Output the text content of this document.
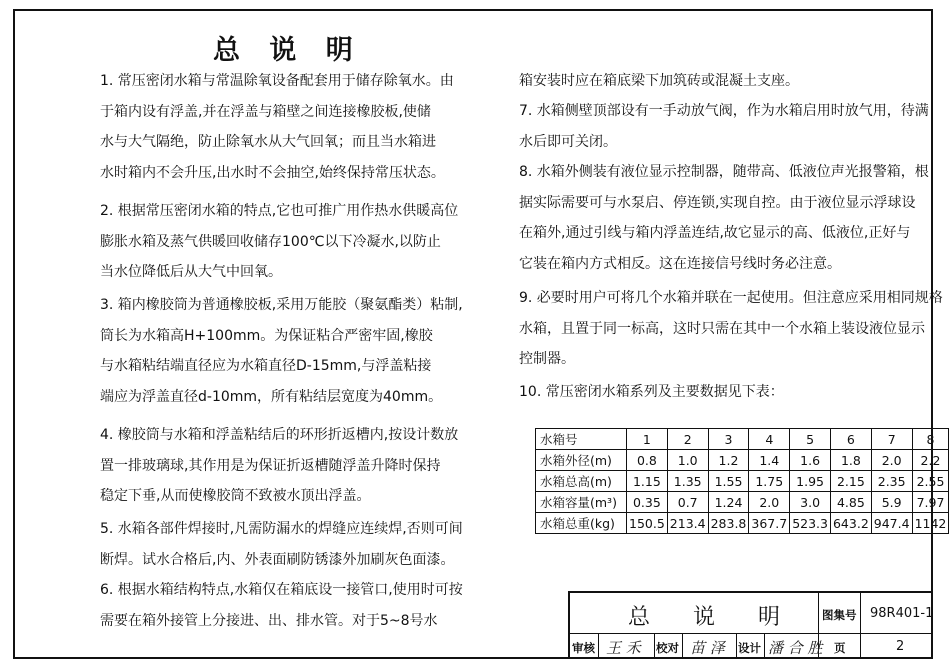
总 说 明
1. 常压密闭水箱与常温除氧设备配套用于储存除氧水。由
于箱内设有浮盖,并在浮盖与箱壁之间连接橡胶板,使储
水与大气隔绝，防止除氧水从大气回氧；而且当水箱进
水时箱内不会升压,出水时不会抽空,始终保持常压状态。
2. 根据常压密闭水箱的特点,它也可推广用作热水供暖高位
膨胀水箱及蒸气供暖回收储存100℃以下冷凝水,以防止
当水位降低后从大气中回氧。
3. 箱内橡胶筒为普通橡胶板,采用万能胶（聚氨酯类）粘制,
筒长为水箱高H+100mm。为保证粘合严密牢固,橡胶
与水箱粘结端直径应为水箱直径D-15mm,与浮盖粘接
端应为浮盖直径d-10mm，所有粘结层宽度为40mm。
4. 橡胶筒与水箱和浮盖粘结后的环形折返槽内,按设计数放
置一排玻璃球,其作用是为保证折返槽随浮盖升降时保持
稳定下垂,从而使橡胶筒不致被水顶出浮盖。
5. 水箱各部件焊接时,凡需防漏水的焊缝应连续焊,否则可间
断焊。试水合格后,内、外表面刷防锈漆外加刷灰色面漆。
6. 根据水箱结构特点,水箱仅在箱底设一接管口,使用时可按
需要在箱外接管上分接进、出、排水管。对于5~8号水
箱安装时应在箱底梁下加筑砖或混凝土支座。
7. 水箱侧壁顶部设有一手动放气阀，作为水箱启用时放气用，待满
水后即可关闭。
8. 水箱外侧装有液位显示控制器，随带高、低液位声光报警箱，根
据实际需要可与水泵启、停连锁,实现自控。由于液位显示浮球设
在箱外,通过引线与箱内浮盖连结,故它显示的高、低液位,正好与
它装在箱内方式相反。这在连接信号线时务必注意。
9. 必要时用户可将几个水箱并联在一起使用。但注意应采用相同规格
水箱，且置于同一标高，这时只需在其中一个水箱上装设液位显示
控制器。
10. 常压密闭水箱系列及主要数据见下表：
水箱号	1	2	3	4	5	6	7	8
水箱外径(m)	0.8	1.0	1.2	1.4	1.6	1.8	2.0	2.2
水箱总高(m)	1.15	1.35	1.55	1.75	1.95	2.15	2.35	2.55
水箱容量(m³)	0.35	0.7	1.24	2.0	3.0	4.85	5.9	7.97
水箱总重(kg)	150.5	213.4	283.8	367.7	523.3	643.2	947.4	1142
总 说 明 图集号 98R401-1
审核 王 禾 校对 苗 泽 设计 潘 合 胜 页	2
